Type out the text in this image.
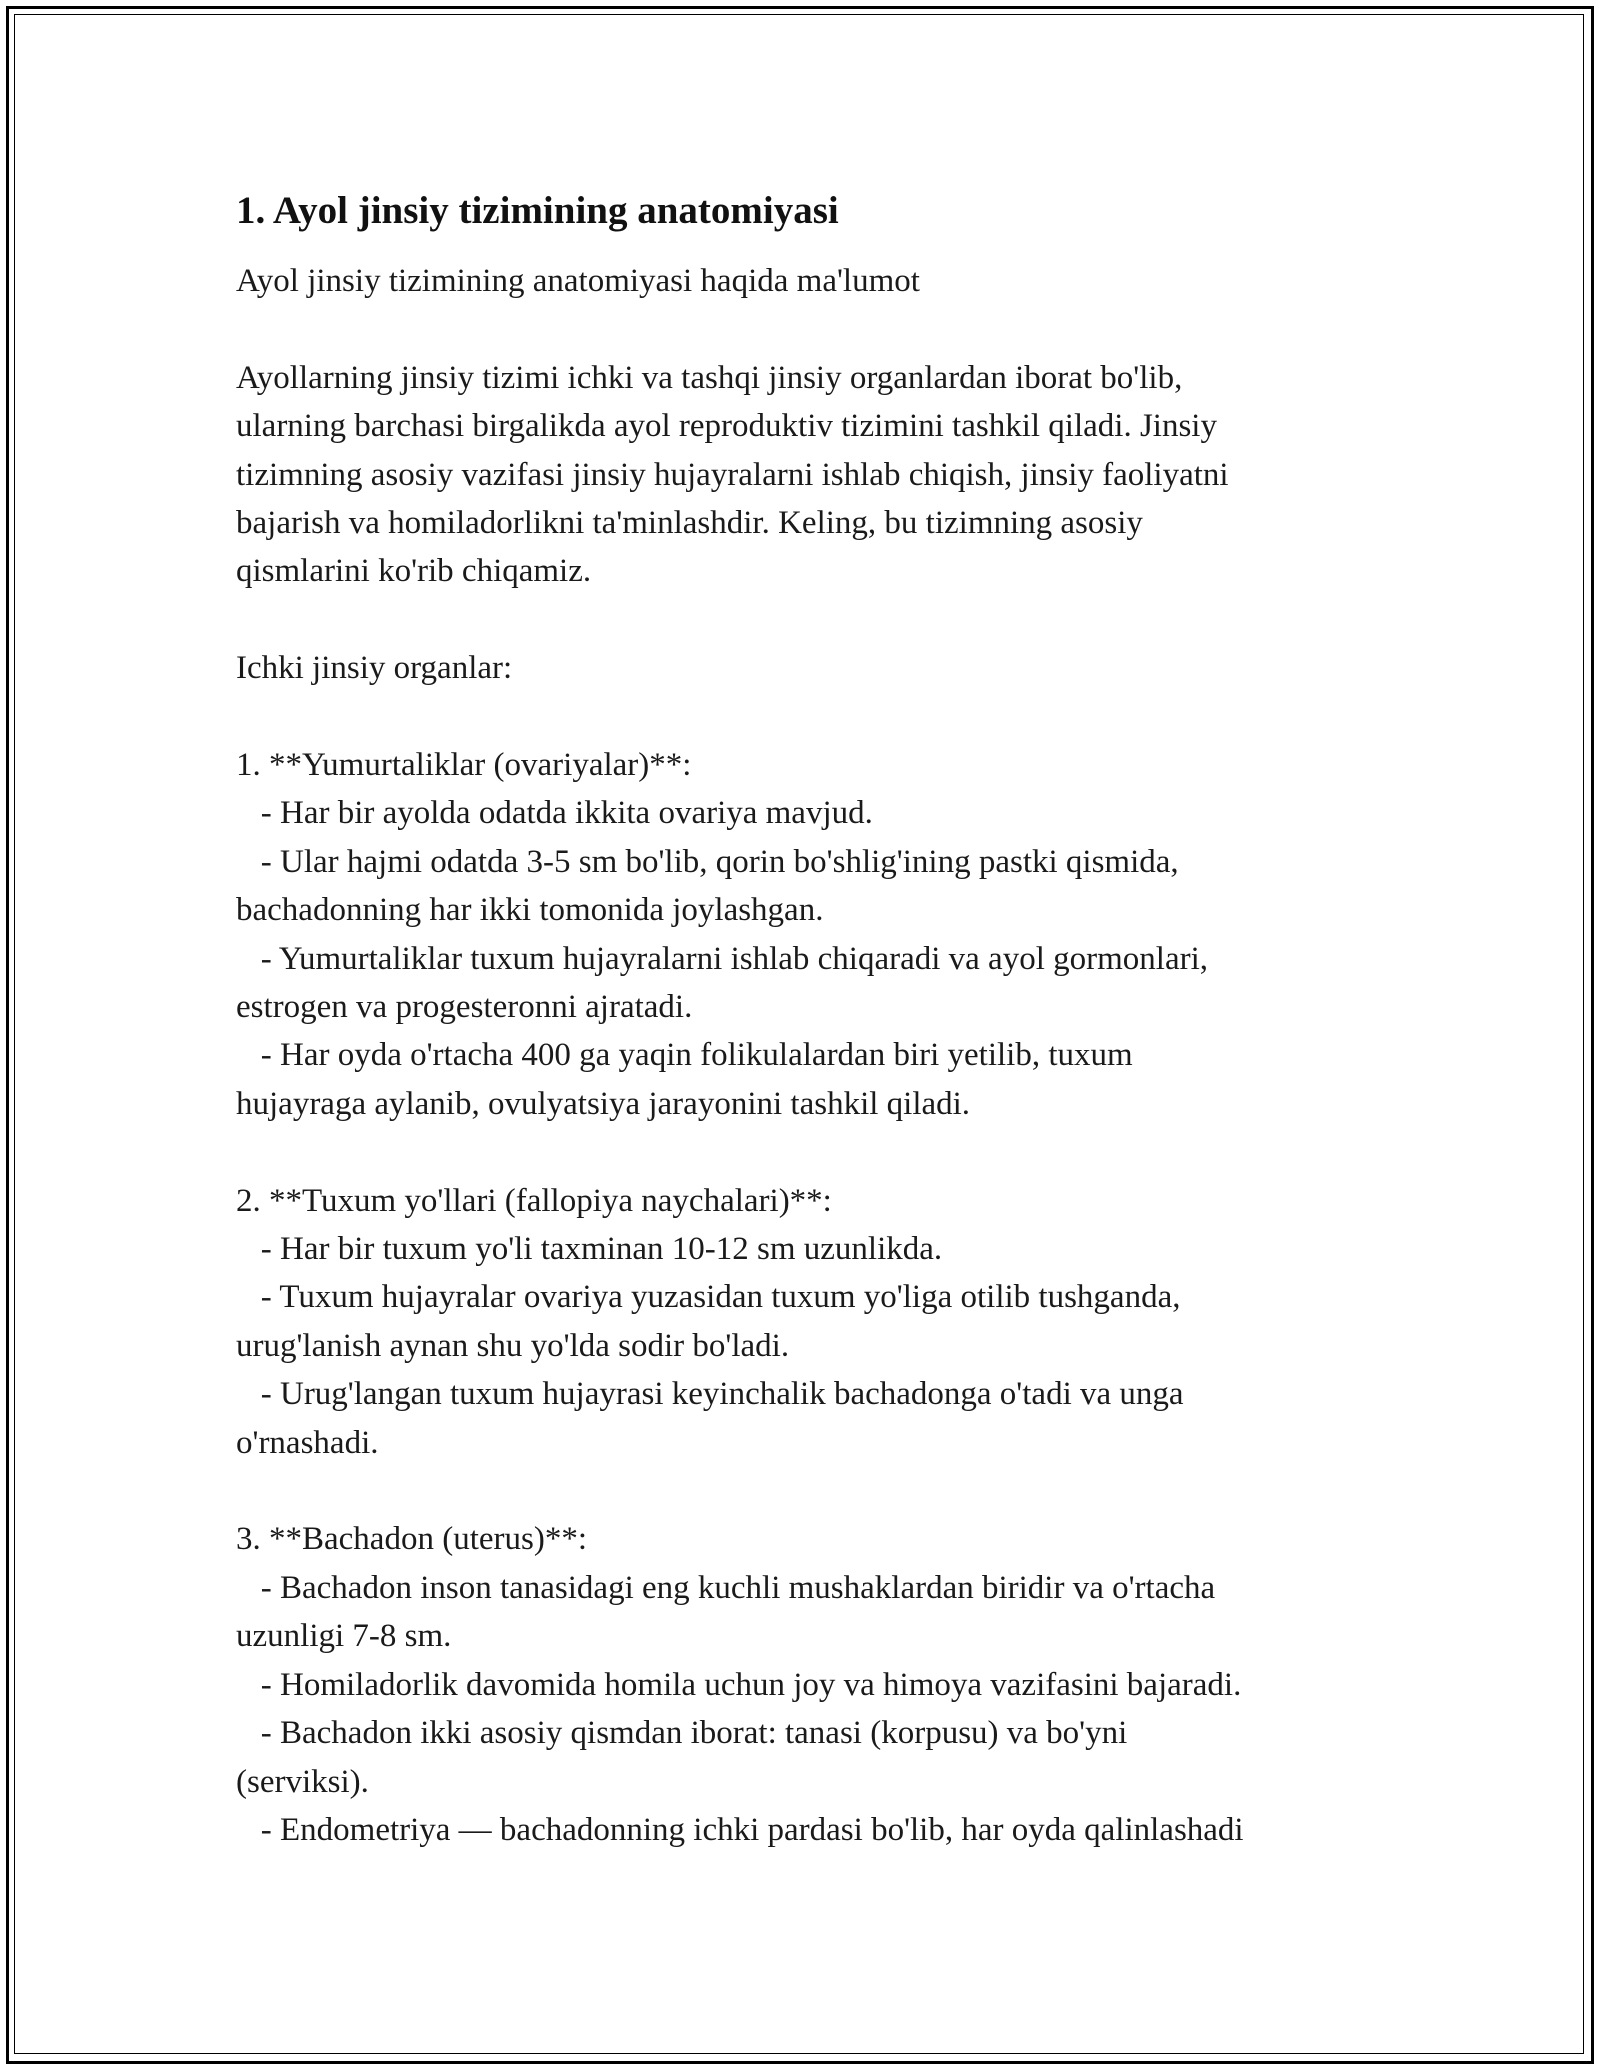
1. Ayol jinsiy tizimining anatomiyasi

Ayol jinsiy tizimining anatomiyasi haqida ma'lumot

Ayollarning jinsiy tizimi ichki va tashqi jinsiy organlardan iborat bo'lib,

ularning barchasi birgalikda ayol reproduktiv tizimini tashkil qiladi. Jinsiy

tizimning asosiy vazifasi jinsiy hujayralarni ishlab chiqish, jinsiy faoliyatni

bajarish va homiladorlikni ta'minlashdir. Keling, bu tizimning asosiy

qismlarini ko'rib chiqamiz.

Ichki jinsiy organlar:

1. **Yumurtaliklar (ovariyalar)**:

- Har bir ayolda odatda ikkita ovariya mavjud.

- Ular hajmi odatda 3-5 sm bo'lib, qorin bo'shlig'ining pastki qismida,

bachadonning har ikki tomonida joylashgan.

- Yumurtaliklar tuxum hujayralarni ishlab chiqaradi va ayol gormonlari,

estrogen va progesteronni ajratadi.

- Har oyda o'rtacha 400 ga yaqin folikulalardan biri yetilib, tuxum

hujayraga aylanib, ovulyatsiya jarayonini tashkil qiladi.

2. **Tuxum yo'llari (fallopiya naychalari)**:

- Har bir tuxum yo'li taxminan 10-12 sm uzunlikda.

- Tuxum hujayralar ovariya yuzasidan tuxum yo'liga otilib tushganda,

urug'lanish aynan shu yo'lda sodir bo'ladi.

- Urug'langan tuxum hujayrasi keyinchalik bachadonga o'tadi va unga

o'rnashadi.

3. **Bachadon (uterus)**:

- Bachadon inson tanasidagi eng kuchli mushaklardan biridir va o'rtacha

uzunligi 7-8 sm.

- Homiladorlik davomida homila uchun joy va himoya vazifasini bajaradi.

- Bachadon ikki asosiy qismdan iborat: tanasi (korpusu) va bo'yni

(serviksi).

- Endometriya — bachadonning ichki pardasi bo'lib, har oyda qalinlashadi
